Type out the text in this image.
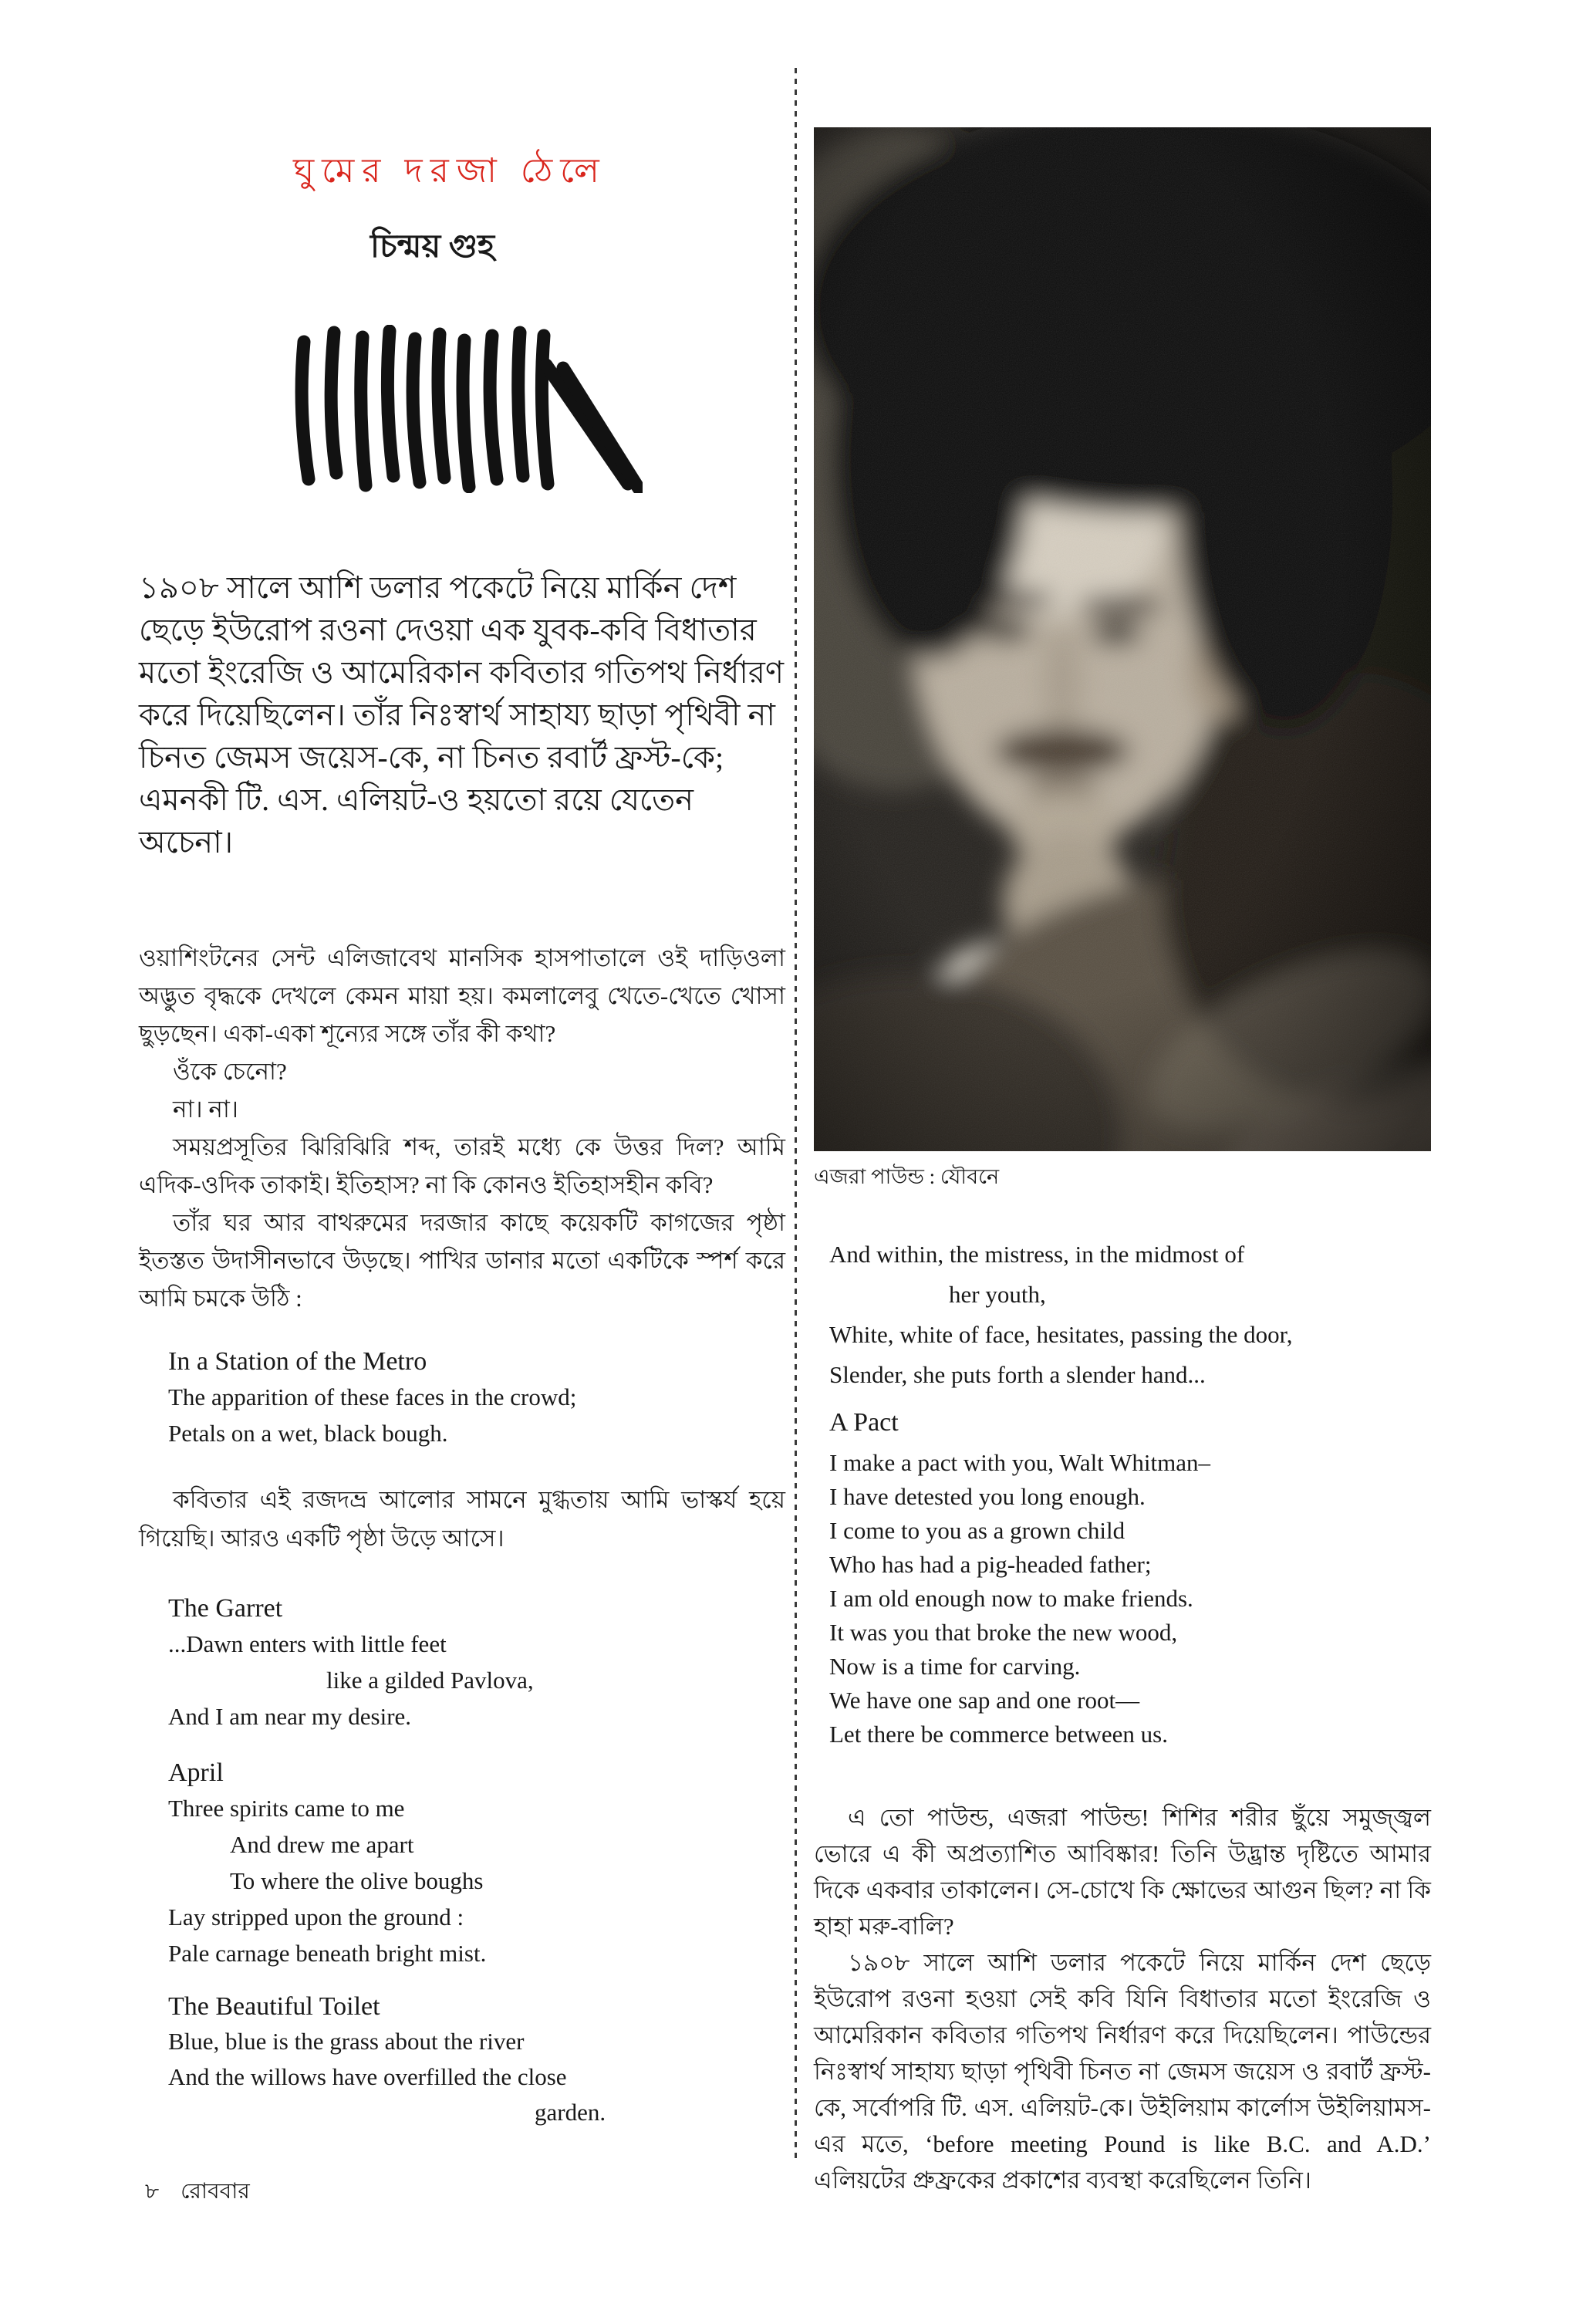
ঘুমের দরজা ঠেলে
চিন্ময় গুহ
১৯০৮ সালে আশি ডলার পকেটে নিয়ে মার্কিন দেশ ছেড়ে ইউরোপ রওনা দেওয়া এক যুবক-কবি বিধাতার মতো ইংরেজি ও আমেরিকান কবিতার গতিপথ নির্ধারণ করে দিয়েছিলেন। তাঁর নিঃস্বার্থ সাহায্য ছাড়া পৃথিবী না চিনত জেমস জয়েস-কে, না চিনত রবার্ট ফ্রস্ট-কে; এমনকী টি. এস. এলিয়ট-ও হয়তো রয়ে যেতেন অচেনা।

ওয়াশিংটনের সেন্ট এলিজাবেথ মানসিক হাসপাতালে ওই দাড়িওলা অদ্ভুত বৃদ্ধকে দেখলে কেমন মায়া হয়। কমলালেবু খেতে-খেতে খোসা ছুড়ছেন। একা-একা শূন্যের সঙ্গে তাঁর কী কথা?

ওঁকে চেনো?

না। না।

সময়প্রসূতির ঝিরিঝিরি শব্দ, তারই মধ্যে কে উত্তর দিল? আমি এদিক-ওদিক তাকাই। ইতিহাস? না কি কোনও ইতিহাসহীন কবি?

তাঁর ঘর আর বাথরুমের দরজার কাছে কয়েকটি কাগজের পৃষ্ঠা ইতস্তত উদাসীনভাবে উড়ছে। পাখির ডানার মতো একটিকে স্পর্শ করে আমি চমকে উঠি :

In a Station of the Metro
The apparition of these faces in the crowd;
Petals on a wet, black bough.
কবিতার এই রজদভ্র আলোর সামনে মুগ্ধতায় আমি ভাস্কর্য হয়ে গিয়েছি। আরও একটি পৃষ্ঠা উড়ে আসে।
The Garret
...Dawn enters with little feet
like a gilded Pavlova,
And I am near my desire.
April
Three spirits came to me
And drew me apart
To where the olive boughs
Lay stripped upon the ground :
Pale carnage beneath bright mist.
The Beautiful Toilet
Blue, blue is the grass about the river
And the willows have overfilled the close
garden.
এজরা পাউন্ড : যৌবনে
And within, the mistress, in the midmost of
her youth,
White, white of face, hesitates, passing the door,
Slender, she puts forth a slender hand...
A Pact
I make a pact with you, Walt Whitman–
I have detested you long enough.
I come to you as a grown child
Who has had a pig-headed father;
I am old enough now to make friends.
It was you that broke the new wood,
Now is a time for carving.
We have one sap and one root—
Let there be commerce between us.

এ তো পাউন্ড, এজরা পাউন্ড! শিশির শরীর ছুঁয়ে সমুজ্জ্বল ভোরে এ কী অপ্রত্যাশিত আবিষ্কার! তিনি উদ্ভ্রান্ত দৃষ্টিতে আমার দিকে একবার তাকালেন। সে-চোখে কি ক্ষোভের আগুন ছিল? না কি হাহা মরু-বালি?

১৯০৮ সালে আশি ডলার পকেটে নিয়ে মার্কিন দেশ ছেড়ে ইউরোপ রওনা হওয়া সেই কবি যিনি বিধাতার মতো ইংরেজি ও আমেরিকান কবিতার গতিপথ নির্ধারণ করে দিয়েছিলেন। পাউন্ডের নিঃস্বার্থ সাহায্য ছাড়া পৃথিবী চিনত না জেমস জয়েস ও রবার্ট ফ্রস্ট-কে, সর্বোপরি টি. এস. এলিয়ট-কে। উইলিয়াম কার্লোস উইলিয়ামস-এর মতে, ‘before meeting Pound is like B.C. and A.D.’ এলিয়টের প্রুফ্রকের প্রকাশের ব্যবস্থা করেছিলেন তিনি।

৮ রোববার
